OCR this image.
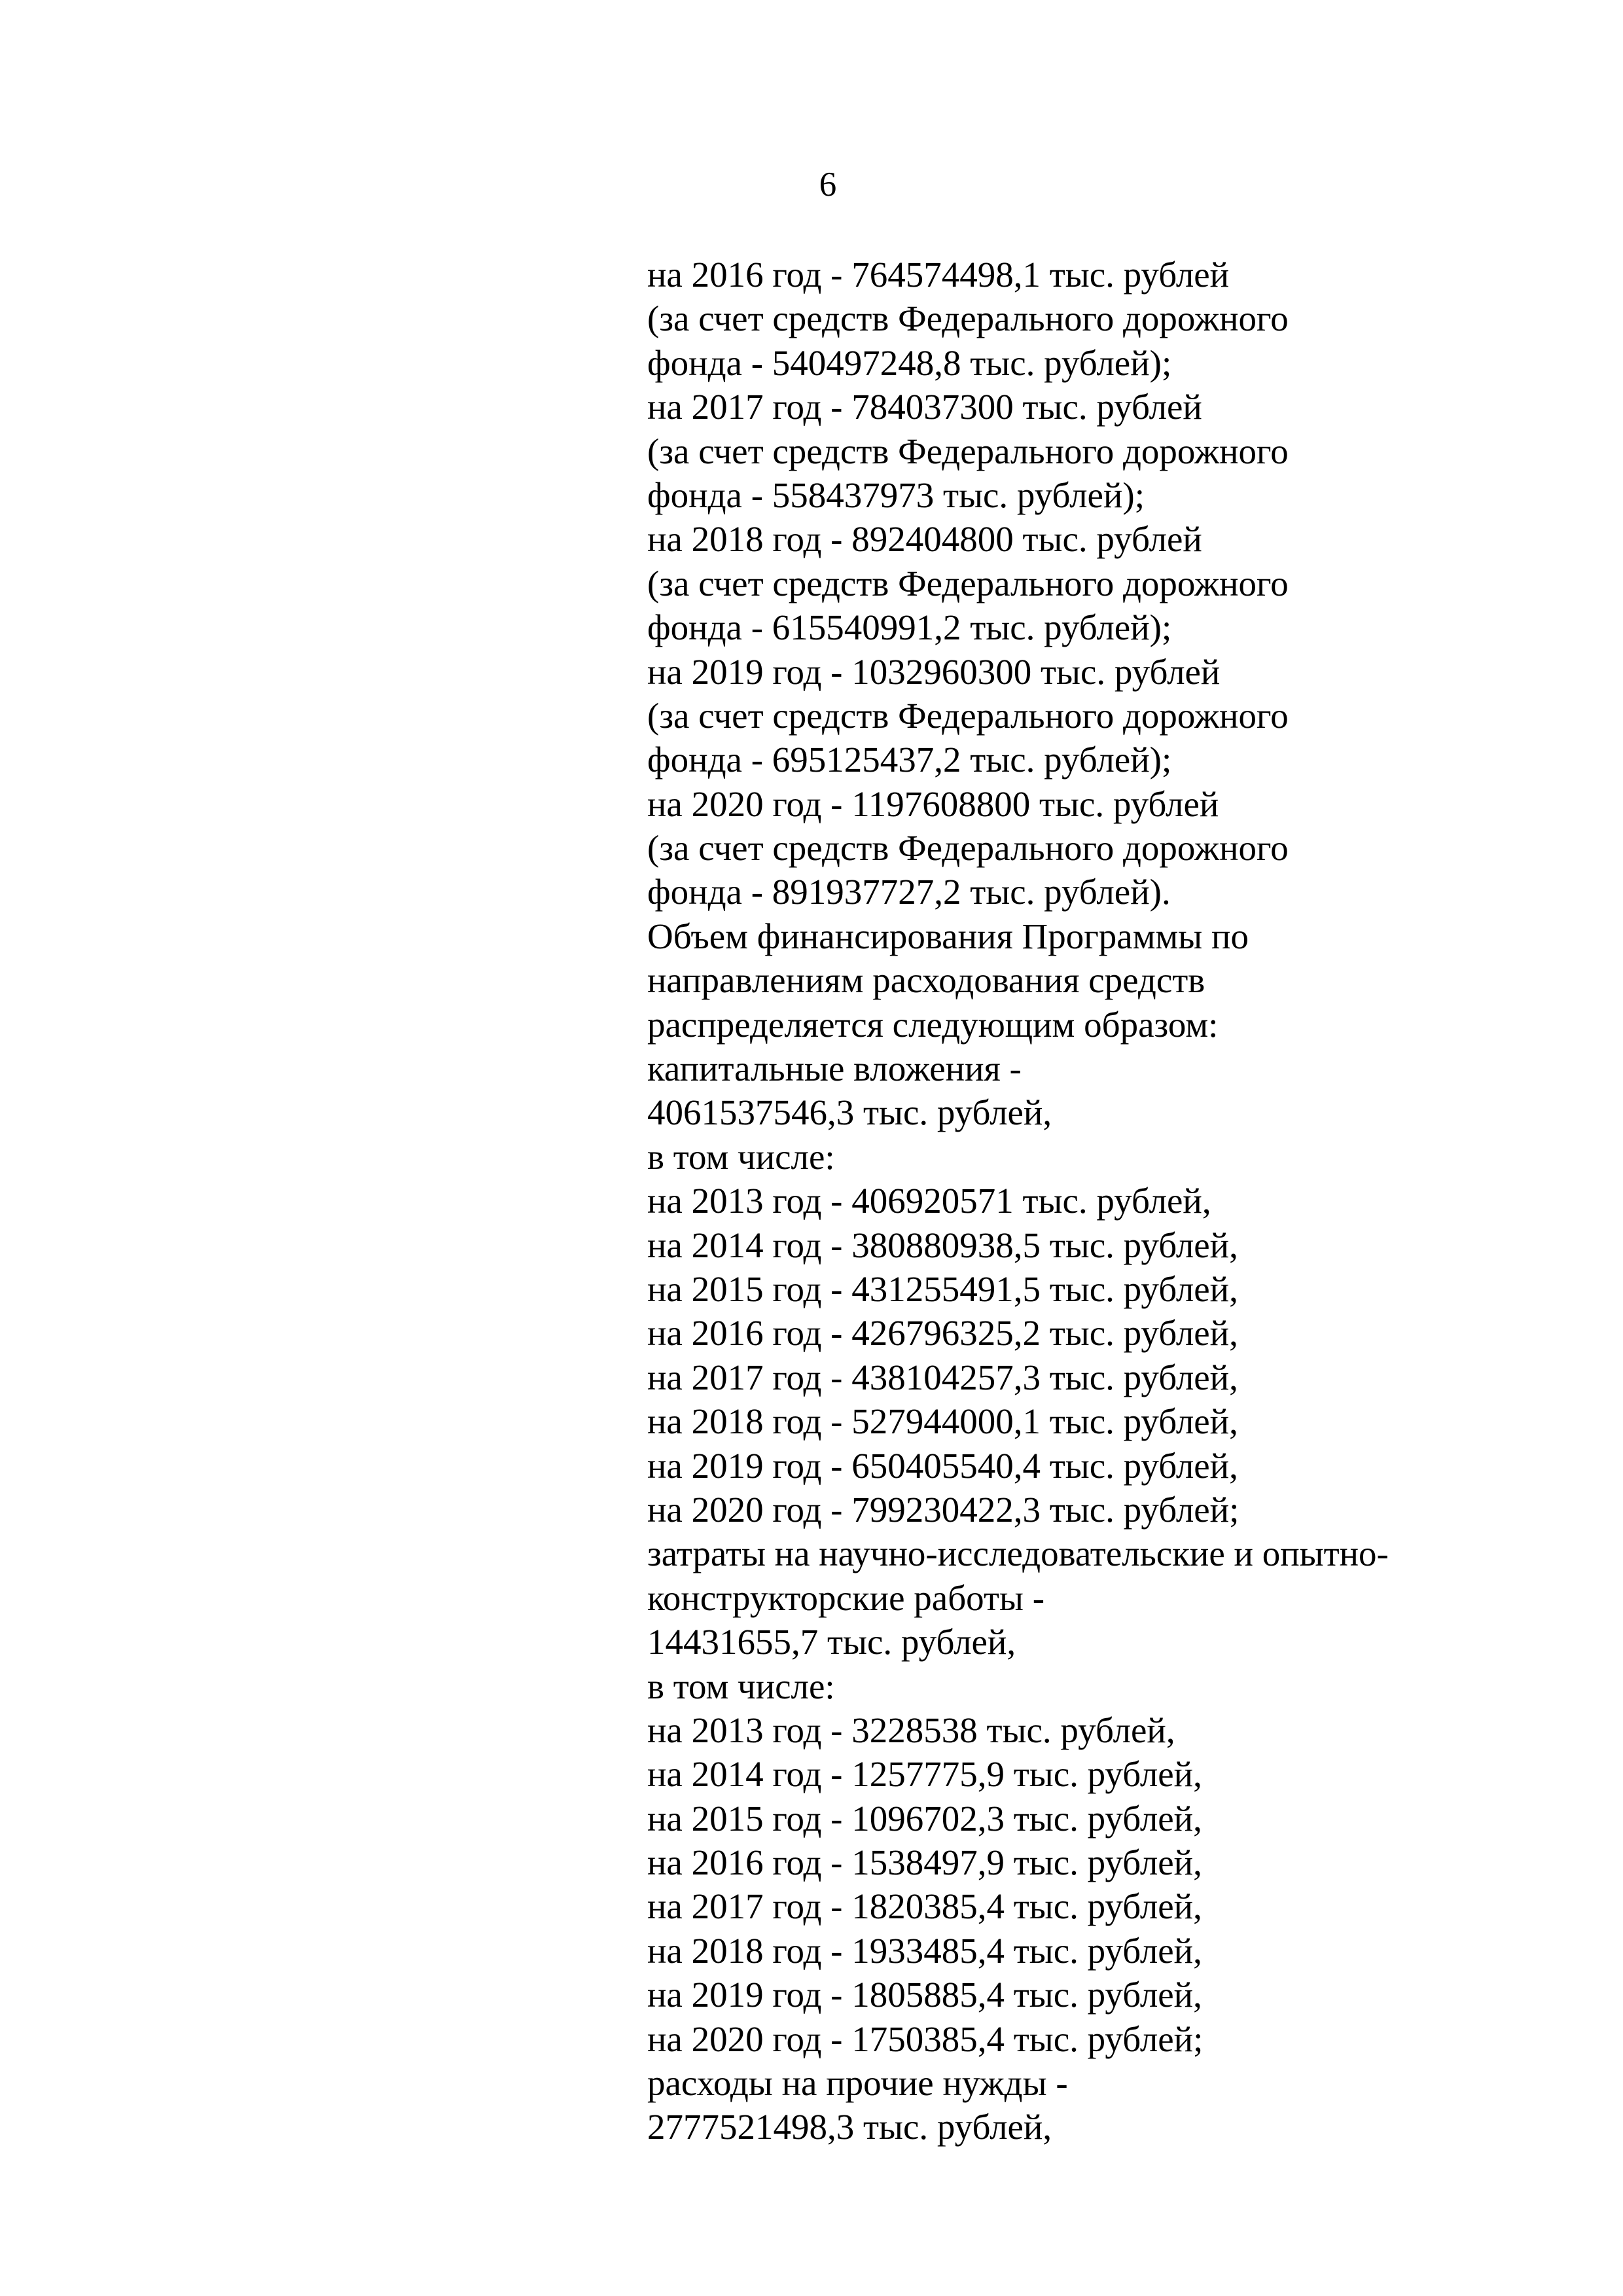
6
на 2016 год - 764574498,1 тыс. рублей
(за счет средств Федерального дорожного
фонда - 540497248,8 тыс. рублей);
на 2017 год - 784037300 тыс. рублей
(за счет средств Федерального дорожного
фонда - 558437973 тыс. рублей);
на 2018 год - 892404800 тыс. рублей
(за счет средств Федерального дорожного
фонда - 615540991,2 тыс. рублей);
на 2019 год - 1032960300 тыс. рублей
(за счет средств Федерального дорожного
фонда - 695125437,2 тыс. рублей);
на 2020 год - 1197608800 тыс. рублей
(за счет средств Федерального дорожного
фонда - 891937727,2 тыс. рублей).
Объем финансирования Программы по
направлениям расходования средств
распределяется следующим образом:
капитальные вложения -
4061537546,3 тыс. рублей,
в том числе:
на 2013 год - 406920571 тыс. рублей,
на 2014 год - 380880938,5 тыс. рублей,
на 2015 год - 431255491,5 тыс. рублей,
на 2016 год - 426796325,2 тыс. рублей,
на 2017 год - 438104257,3 тыс. рублей,
на 2018 год - 527944000,1 тыс. рублей,
на 2019 год - 650405540,4 тыс. рублей,
на 2020 год - 799230422,3 тыс. рублей;
затраты на научно-исследовательские и опытно-
конструкторские работы -
14431655,7 тыс. рублей,
в том числе:
на 2013 год - 3228538 тыс. рублей,
на 2014 год - 1257775,9 тыс. рублей,
на 2015 год - 1096702,3 тыс. рублей,
на 2016 год - 1538497,9 тыс. рублей,
на 2017 год - 1820385,4 тыс. рублей,
на 2018 год - 1933485,4 тыс. рублей,
на 2019 год - 1805885,4 тыс. рублей,
на 2020 год - 1750385,4 тыс. рублей;
расходы на прочие нужды -
2777521498,3 тыс. рублей,
